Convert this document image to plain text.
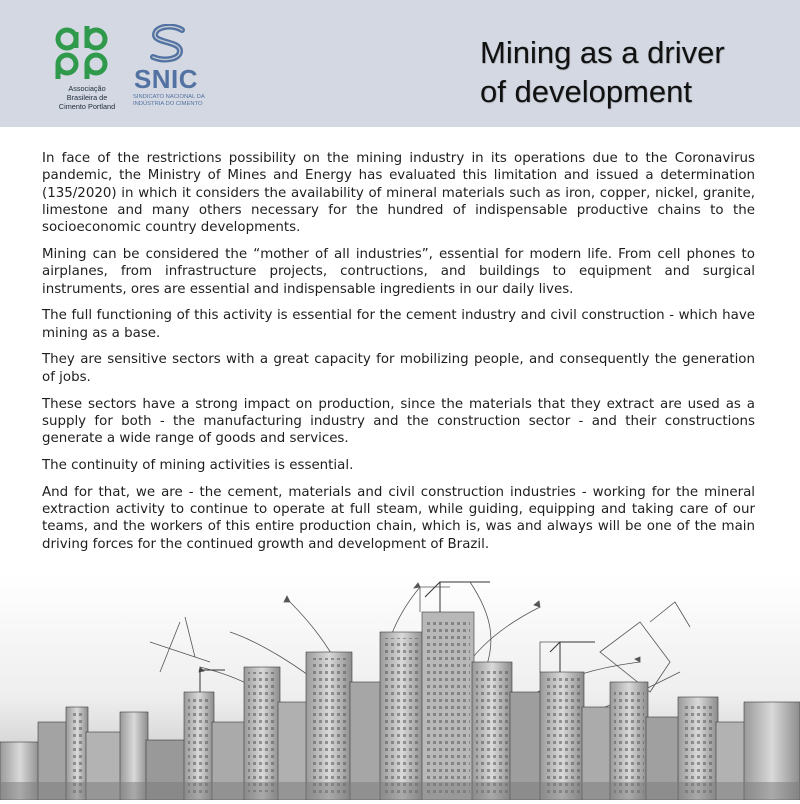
Associação
Brasileira de
Cimento Portland
SNIC
SINDICATO NACIONAL DA
INDÚSTRIA DO CIMENTO
Mining as a driver
of development

In face of the restrictions possibility on the mining industry in its operations due to the Coronavirus pandemic, the Ministry of Mines and Energy has evaluated this limitation and issued a determination (135/2020) in which it considers the availability of mineral materials such as iron, copper, nickel, granite, limestone and many others necessary for the hundred of indispensable productive chains to the socioeconomic country developments.

Mining can be considered the “mother of all industries”, essential for modern life. From cell phones to airplanes, from infrastructure projects, contructions, and buildings to equipment and surgical instruments, ores are essential and indispensable ingredients in our daily lives.

The full functioning of this activity is essential for the cement industry and civil construction - which have mining as a base.

They are sensitive sectors with a great capacity for mobilizing people, and consequently the generation of jobs.

These sectors have a strong impact on production, since the materials that they extract are used as a supply for both - the manufacturing industry and the construction sector - and their constructions generate a wide range of goods and services.

The continuity of mining activities is essential.

And for that, we are - the cement, materials and civil construction industries - working for the mineral extraction activity to continue to operate at full steam, while guiding, equipping and taking care of our teams, and the workers of this entire production chain, which is, was and always will be one of the main driving forces for the continued growth and development of Brazil.
